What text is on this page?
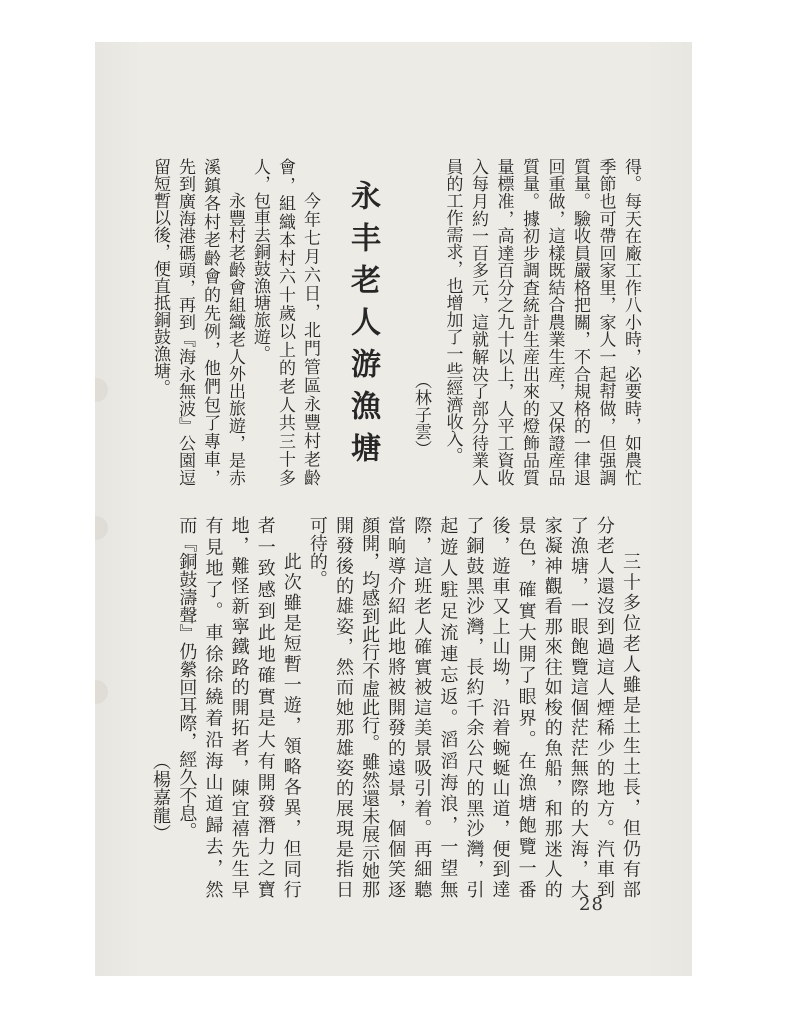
得。每天在廠工作八小時，必要時，如農忙
季節也可帶回家里，家人一起幇做，但强調
質量。驗收員嚴格把關，不合規格的一律退
回重做，這樣既結合農業生産，又保證産品
質量。據初步調査統計生産出來的燈飾品質
量標准，高達百分之九十以上，人平工資收
入每月約一百多元，這就解决了部分待業人
員的工作需求，也增加了一些經濟收入。
（林子雲）
永丰老人游漁塘
今年七月六日，北門管區永豐村老齡
會，組織本村六十歲以上的老人共三十多
人，包車去銅鼓漁塘旅遊。
永豐村老齡會組織老人外出旅遊，是赤
溪鎮各村老齡會的先例，他們包了專車，
先到廣海港碼頭，再到『海永無波』公園逗
留短暫以後，便直抵銅鼓漁塘。
三十多位老人雖是土生土長，但仍有部
分老人還沒到過這人煙稀少的地方。汽車到
了漁塘，一眼飽覽這個茫茫無際的大海，大
家凝神觀看那來往如梭的魚船，和那迷人的
景色，確實大開了眼界。在漁塘飽覽一番
後，遊車又上山坳，沿着蜿蜒山道，便到達
了銅鼓黑沙灣，長約千余公尺的黑沙灣，引
起遊人駐足流連忘返。滔滔海浪，一望無
際，這班老人確實被這美景吸引着。再細聽
當晌導介紹此地將被開發的遠景，個個笑逐
顔開，均感到此行不虛此行。雖然還未展示她那
開發後的雄姿，然而她那雄姿的展現是指日
可待的。
此次雖是短暫一遊，領略各異，但同行
者一致感到此地確實是大有開發潛力之寶
地，難怪新寧鐵路的開拓者，陳宜禧先生早
有見地了。車徐徐繞着沿海山道歸去，然
而『銅鼓濤聲』仍縈回耳際，經久不息。
（楊嘉龍）
28
